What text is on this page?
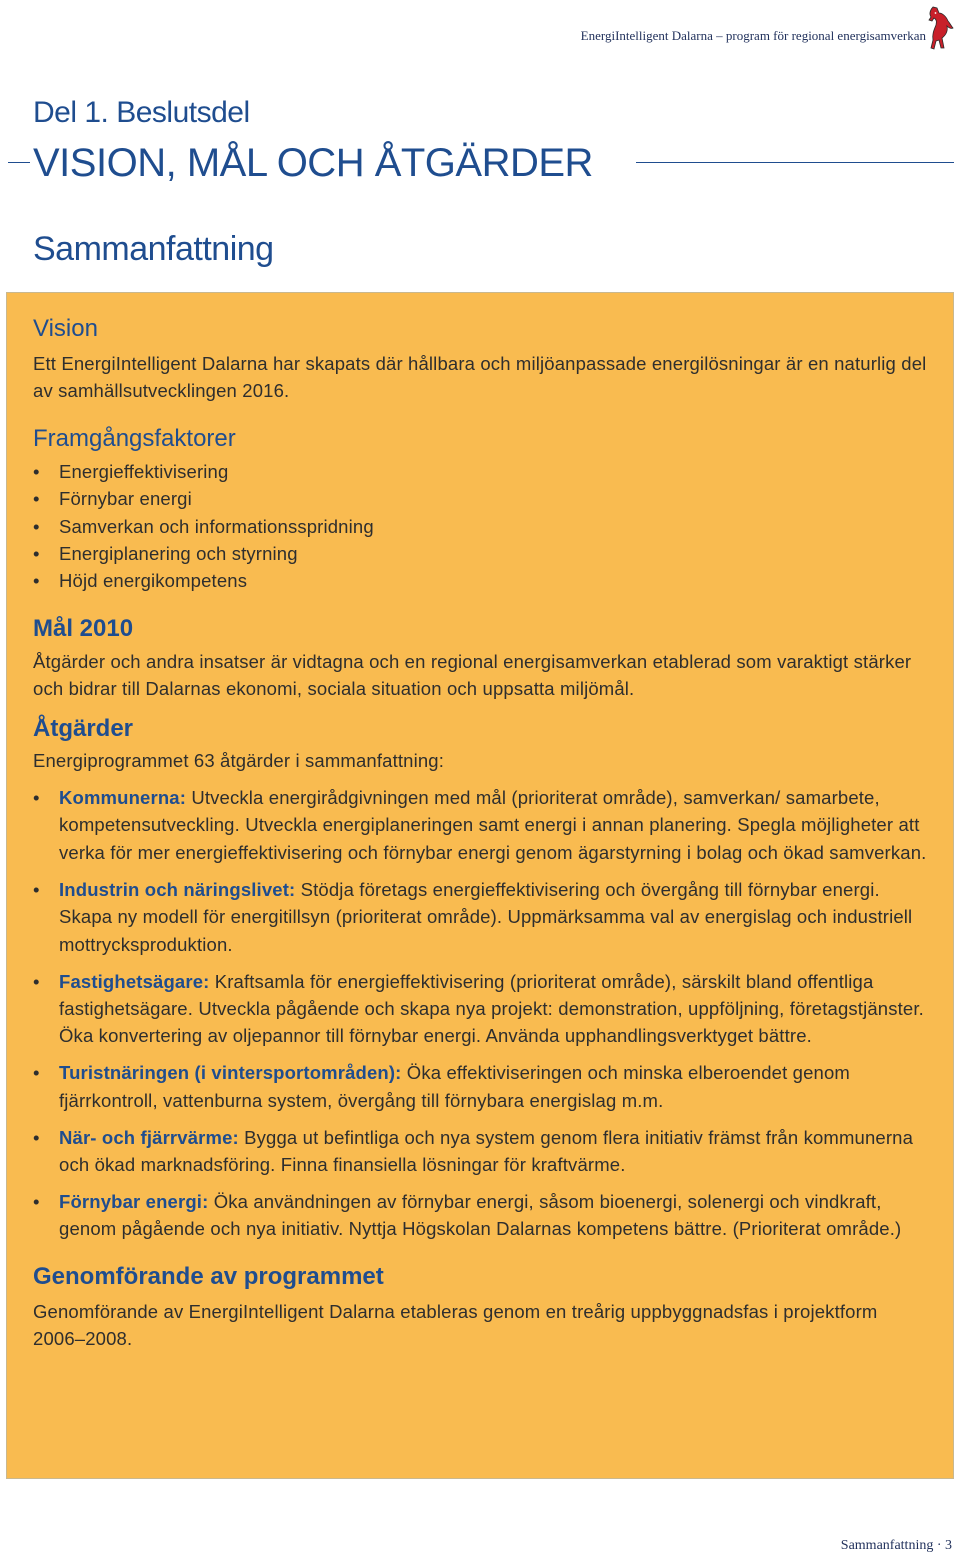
EnergiIntelligent Dalarna – program för regional energisamverkan
Del 1. Beslutsdel
VISION, MÅL OCH ÅTGÄRDER
Sammanfattning
Vision

Ett EnergiIntelligent Dalarna har skapats där hållbara och miljöanpassade energilösningar är en naturlig del av samhällsutvecklingen 2016.

Framgångsfaktorer
• Energieffektivisering
• Förnybar energi
• Samverkan och informationsspridning
• Energiplanering och styrning
• Höjd energikompetens
Mål 2010

Åtgärder och andra insatser är vidtagna och en regional energisamverkan etablerad som varaktigt stärker och bidrar till Dalarnas ekonomi, sociala situation och uppsatta miljömål.

Åtgärder

Energiprogrammet 63 åtgärder i sammanfattning:

• Kommunerna: Utveckla energirådgivningen med mål (prioriterat område), samverkan/ samarbete, kompetensutveckling. Utveckla energiplaneringen samt energi i annan planering. Spegla möjligheter att verka för mer energieffektivisering och förnybar energi genom ägarstyrning i bolag och ökad samverkan.
• Industrin och näringslivet: Stödja företags energieffektivisering och övergång till förnybar energi. Skapa ny modell för energitillsyn (prioriterat område). Uppmärksamma val av energislag och industriell mottrycksproduktion.
• Fastighetsägare: Kraftsamla för energieffektivisering (prioriterat område), särskilt bland offentliga fastighetsägare. Utveckla pågående och skapa nya projekt: demonstration, uppföljning, företagstjänster. Öka konvertering av oljepannor till förnybar energi. Använda upphandlingsverktyget bättre.
• Turistnäringen (i vintersportområden): Öka effektiviseringen och minska elberoendet genom fjärrkontroll, vattenburna system, övergång till förnybara energislag m.m.
• När- och fjärrvärme: Bygga ut befintliga och nya system genom flera initiativ främst från kommunerna och ökad marknadsföring. Finna finansiella lösningar för kraftvärme.
• Förnybar energi: Öka användningen av förnybar energi, såsom bioenergi, solenergi och vindkraft, genom pågående och nya initiativ. Nyttja Högskolan Dalarnas kompetens bättre. (Prioriterat område.)
Genomförande av programmet

Genomförande av EnergiIntelligent Dalarna etableras genom en treårig uppbyggnadsfas i projektform 2006–2008.

Sammanfattning · 3
